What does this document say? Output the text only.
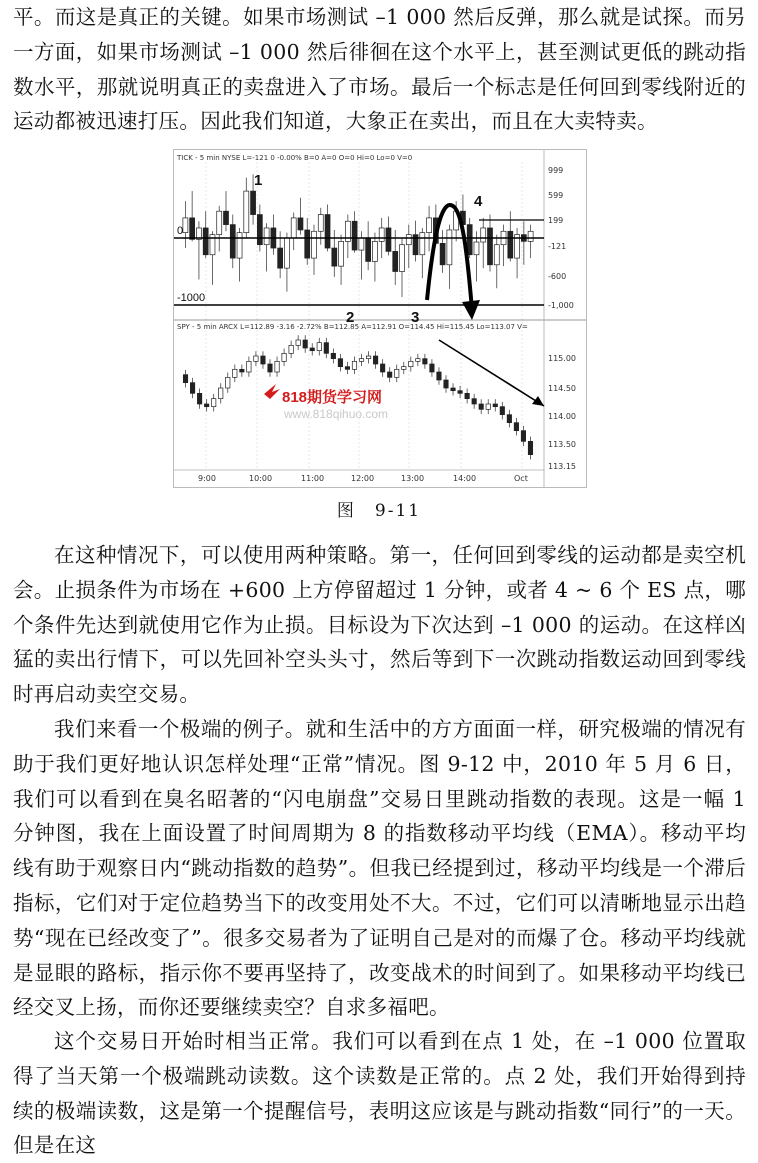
平。而这是真正的关键。如果市场测试 –1 000 然后反弹，那么就是试探。而另一方面，如果市场测试 –1 000 然后徘徊在这个水平上，甚至测试更低的跳动指数水平，那就说明真正的卖盘进入了市场。最后一个标志是任何回到零线附近的运动都被迅速打压。因此我们知道，大象正在卖出，而且在大卖特卖。

TICK - 5 min NYSE L=-121 0 -0.00% B=0 A=0 O=0 Hi=0 Lo=0 V=0
SPY - 5 min ARCX L=112.89 -3.16 -2.72% B=112.85 A=112.91 O=114.45 Hi=115.45 Lo=113.07 V=
0
-1000
1
2	3
4
818期货学习网
www.818qihuo.com
999
599
199
-121
-600
-1,000
115.00
114.50
114.00
113.50
113.15
9:00	10:00	11:00	12:00	13:00	14:00	Oct
图　9-11

在这种情况下，可以使用两种策略。第一，任何回到零线的运动都是卖空机会。止损条件为市场在 +600 上方停留超过 1 分钟，或者 4 ~ 6 个 ES 点，哪个条件先达到就使用它作为止损。目标设为下次达到 –1 000 的运动。在这样凶猛的卖出行情下，可以先回补空头头寸，然后等到下一次跳动指数运动回到零线时再启动卖空交易。

我们来看一个极端的例子。就和生活中的方方面面一样，研究极端的情况有助于我们更好地认识怎样处理“正常”情况。图 9-12 中，2010 年 5 月 6 日，我们可以看到在臭名昭著的“闪电崩盘”交易日里跳动指数的表现。这是一幅 1 分钟图，我在上面设置了时间周期为 8 的指数移动平均线（EMA）。移动平均线有助于观察日内“跳动指数的趋势”。但我已经提到过，移动平均线是一个滞后指标，它们对于定位趋势当下的改变用处不大。不过，它们可以清晰地显示出趋势“现在已经改变了”。很多交易者为了证明自己是对的而爆了仓。移动平均线就是显眼的路标，指示你不要再坚持了，改变战术的时间到了。如果移动平均线已经交叉上扬，而你还要继续卖空？自求多福吧。

这个交易日开始时相当正常。我们可以看到在点 1 处，在 –1 000 位置取得了当天第一个极端跳动读数。这个读数是正常的。点 2 处，我们开始得到持续的极端读数，这是第一个提醒信号，表明这应该是与跳动指数“同行”的一天。但是在这
